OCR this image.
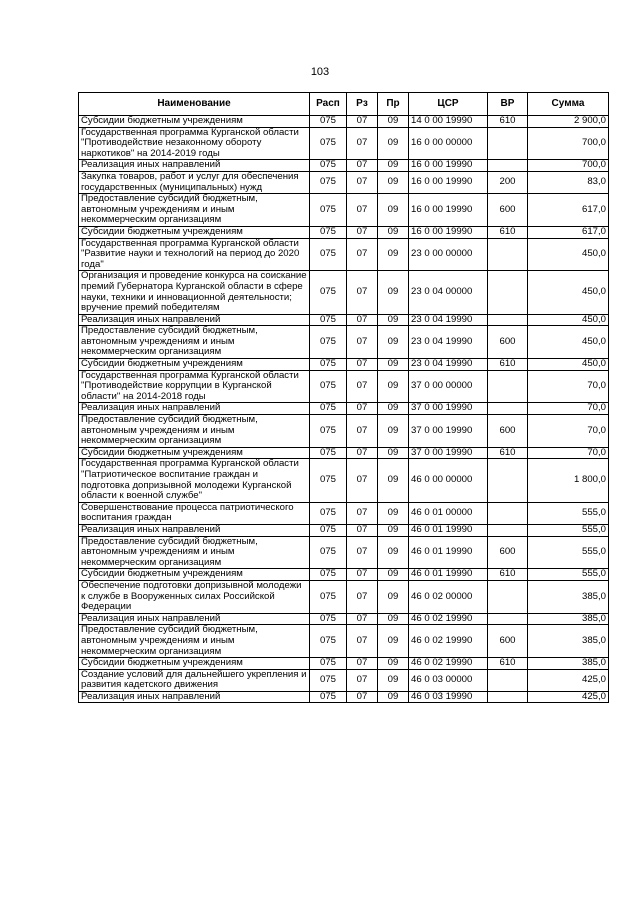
103
Наименование	Расп	Рз	Пр	ЦСР	ВР	Сумма
Субсидии бюджетным учреждениям	075	07	09	14 0 00 19990	610	2 900,0
Государственная программа Курганской области "Противодействие незаконному обороту наркотиков" на 2014-2019 годы	075	07	09	16 0 00 00000		700,0
Реализация иных направлений	075	07	09	16 0 00 19990		700,0
Закупка товаров, работ и услуг для обеспечения государственных (муниципальных) нужд	075	07	09	16 0 00 19990	200	83,0
Предоставление субсидий бюджетным, автономным учреждениям и иным некоммерческим организациям	075	07	09	16 0 00 19990	600	617,0
Субсидии бюджетным учреждениям	075	07	09	16 0 00 19990	610	617,0
Государственная программа Курганской области "Развитие науки и технологий на период до 2020 года"	075	07	09	23 0 00 00000		450,0
Организация и проведение конкурса на соискание премий Губернатора Курганской области в сфере науки, техники и инновационной деятельности; вручение премий победителям	075	07	09	23 0 04 00000		450,0
Реализация иных направлений	075	07	09	23 0 04 19990		450,0
Предоставление субсидий бюджетным, автономным учреждениям и иным некоммерческим организациям	075	07	09	23 0 04 19990	600	450,0
Субсидии бюджетным учреждениям	075	07	09	23 0 04 19990	610	450,0
Государственная программа Курганской области "Противодействие коррупции в Курганской области" на 2014-2018 годы	075	07	09	37 0 00 00000		70,0
Реализация иных направлений	075	07	09	37 0 00 19990		70,0
Предоставление субсидий бюджетным, автономным учреждениям и иным некоммерческим организациям	075	07	09	37 0 00 19990	600	70,0
Субсидии бюджетным учреждениям	075	07	09	37 0 00 19990	610	70,0
Государственная программа Курганской области "Патриотическое воспитание граждан и подготовка допризывной молодежи Курганской области к военной службе"	075	07	09	46 0 00 00000		1 800,0
Совершенствование процесса патриотического воспитания граждан	075	07	09	46 0 01 00000		555,0
Реализация иных направлений	075	07	09	46 0 01 19990		555,0
Предоставление субсидий бюджетным, автономным учреждениям и иным некоммерческим организациям	075	07	09	46 0 01 19990	600	555,0
Субсидии бюджетным учреждениям	075	07	09	46 0 01 19990	610	555,0
Обеспечение подготовки допризывной молодежи к службе в Вооруженных силах Российской Федерации	075	07	09	46 0 02 00000		385,0
Реализация иных направлений	075	07	09	46 0 02 19990		385,0
Предоставление субсидий бюджетным, автономным учреждениям и иным некоммерческим организациям	075	07	09	46 0 02 19990	600	385,0
Субсидии бюджетным учреждениям	075	07	09	46 0 02 19990	610	385,0
Создание условий для дальнейшего укрепления и развития кадетского движения	075	07	09	46 0 03 00000		425,0
Реализация иных направлений	075	07	09	46 0 03 19990		425,0
